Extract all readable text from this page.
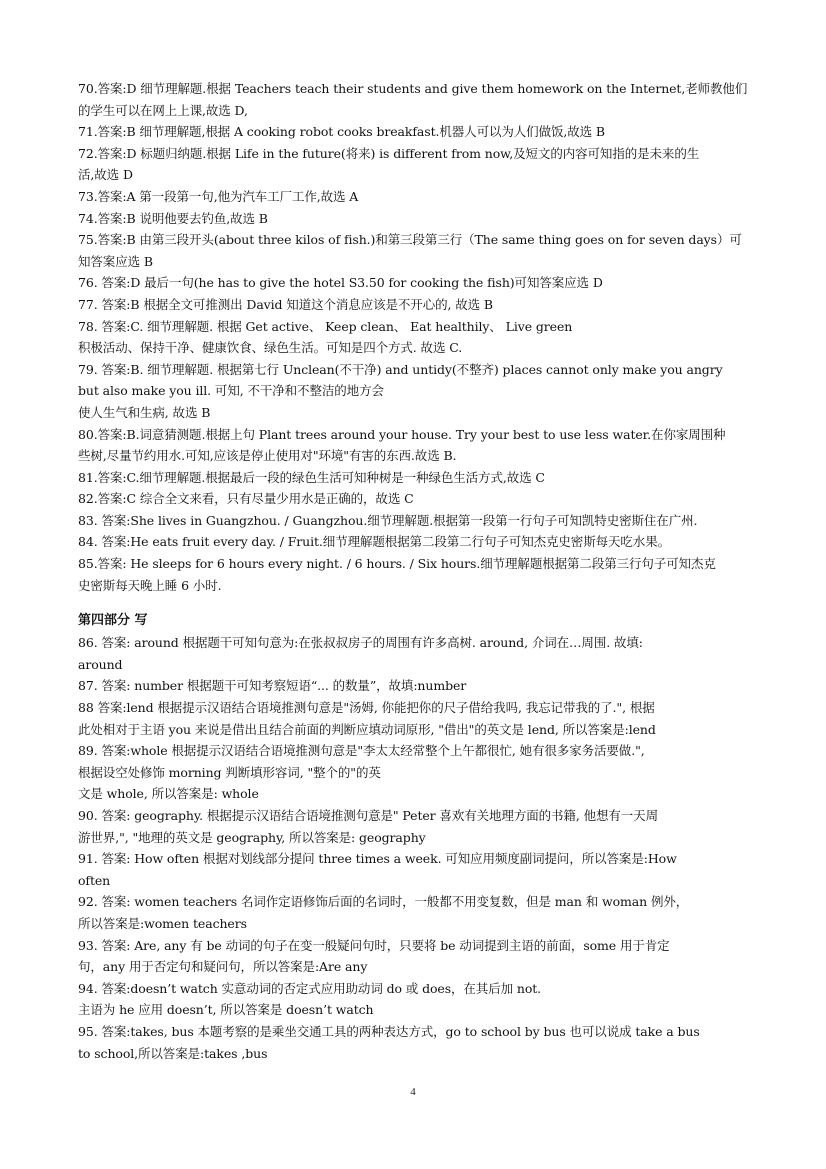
70.答案:D 细节理解题.根据 Teachers teach their students and give them homework on the Internet,老师教他们
的学生可以在网上上课,故选 D,
71.答案:B 细节理解题,根据 A cooking robot cooks breakfast.机器人可以为人们做饭,故选 B
72.答案:D 标题归纳题.根据 Life in the future(将来) is different from now,及短文的内容可知指的是未来的生
活,故选 D
73.答案:A 第一段第一句,他为汽车工厂工作,故选 A
74.答案:B 说明他要去钓鱼,故选 B
75.答案:B 由第三段开头(about three kilos of fish.)和第三段第三行（The same thing goes on for seven days）可
知答案应选 B
76. 答案:D 最后一句(he has to give the hotel S3.50 for cooking the fish)可知答案应选 D
77. 答案:B 根据全文可推测出 David 知道这个消息应该是不开心的, 故选 B
78. 答案:C. 细节理解题. 根据 Get active、 Keep clean、 Eat healthily、 Live green
积极活动、保持干净、健康饮食、绿色生活。可知是四个方式. 故选 C.
79. 答案:B. 细节理解题. 根据第七行 Unclean(不干净) and untidy(不整齐) places cannot only make you angry
but also make you ill. 可知, 不干净和不整洁的地方会
使人生气和生病, 故选 B
80.答案:B.词意猜测题.根据上句 Plant trees around your house. Try your best to use less water.在你家周围种
些树,尽量节约用水.可知,应该是停止使用对"环境"有害的东西.故选 B.
81.答案:C.细节理解题.根据最后一段的绿色生活可知种树是一种绿色生活方式,故选 C
82.答案:C 综合全文来看，只有尽量少用水是正确的，故选 C
83. 答案:She lives in Guangzhou. / Guangzhou.细节理解题.根据第一段第一行句子可知凯特史密斯住在广州.
84. 答案:He eats fruit every day. / Fruit.细节理解题根据第二段第二行句子可知杰克史密斯每天吃水果。
85.答案: He sleeps for 6 hours every night. / 6 hours. / Six hours.细节理解题根据第二段第三行句子可知杰克
史密斯每天晚上睡 6 小时.
第四部分 写
86. 答案: around 根据题干可知句意为:在张叔叔房子的周围有许多高树. around, 介词在…周围. 故填:
around
87. 答案: number 根据题干可知考察短语“... 的数量”，故填:number
88 答案:lend 根据提示汉语结合语境推测句意是"汤姆, 你能把你的尺子借给我吗, 我忘记带我的了.", 根据
此处相对于主语 you 来说是借出且结合前面的判断应填动词原形, "借出"的英文是 lend, 所以答案是:lend
89. 答案:whole 根据提示汉语结合语境推测句意是"李太太经常整个上午都很忙, 她有很多家务活要做.",
根据设空处修饰 morning 判断填形容词, "整个的"的英
文是 whole, 所以答案是: whole
90. 答案: geography. 根据提示汉语结合语境推测句意是" Peter 喜欢有关地理方面的书籍, 他想有一天周
游世界,", "地理的英文是 geography, 所以答案是: geography
91. 答案: How often 根据对划线部分提问 three times a week. 可知应用频度副词提问，所以答案是:How
often
92. 答案: women teachers 名词作定语修饰后面的名词时，一般都不用变复数，但是 man 和 woman 例外，
所以答案是:women teachers
93. 答案: Are, any 有 be 动词的句子在变一般疑问句时，只要将 be 动词提到主语的前面，some 用于肯定
句，any 用于否定句和疑问句，所以答案是:Are any
94. 答案:doesn’t watch 实意动词的否定式应用助动词 do 或 does，在其后加 not.
主语为 he 应用 doesn’t, 所以答案是 doesn’t watch
95. 答案:takes, bus 本题考察的是乘坐交通工具的两种表达方式，go to school by bus 也可以说成 take a bus
to school,所以答案是:takes ,bus
4
